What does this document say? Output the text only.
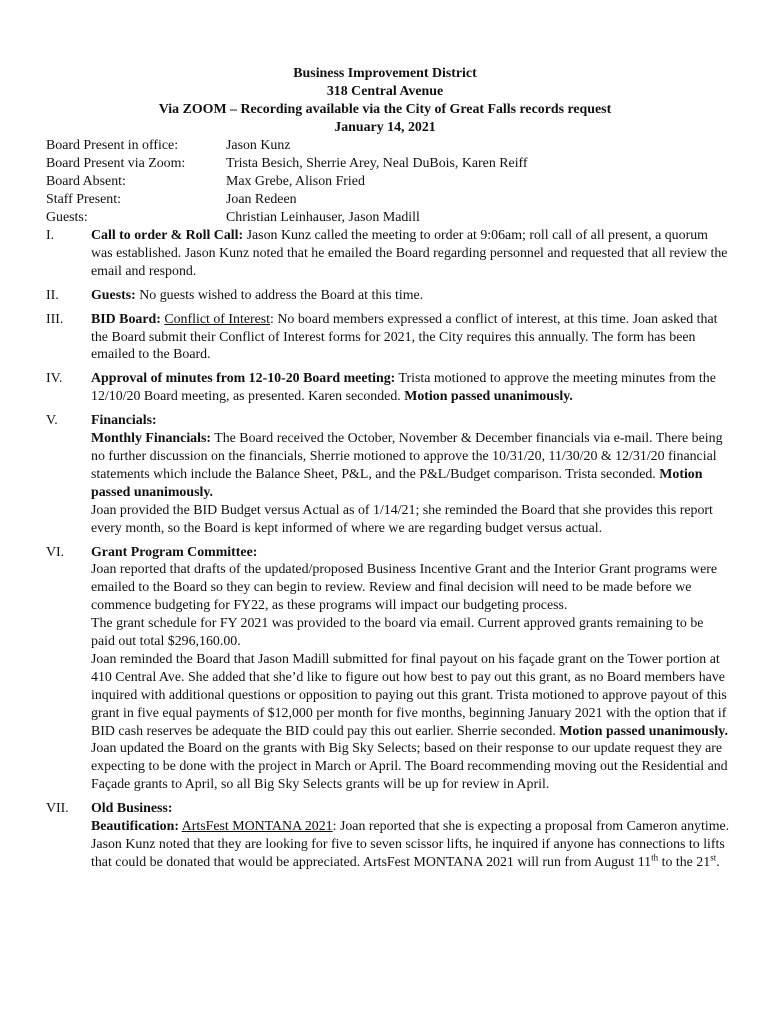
Business Improvement District
318 Central Avenue
Via ZOOM – Recording available via the City of Great Falls records request
January 14, 2021
Board Present in office:	Jason Kunz
Board Present via Zoom:	Trista Besich, Sherrie Arey, Neal DuBois, Karen Reiff
Board Absent:	Max Grebe, Alison Fried
Staff Present:	Joan Redeen
Guests:	Christian Leinhauser, Jason Madill
I.	Call to order & Roll Call: Jason Kunz called the meeting to order at 9:06am; roll call of all present, a quorum was established. Jason Kunz noted that he emailed the Board regarding personnel and requested that all review the email and respond.

II.	Guests: No guests wished to address the Board at this time.

III.	BID Board: Conflict of Interest: No board members expressed a conflict of interest, at this time. Joan asked that the Board submit their Conflict of Interest forms for 2021, the City requires this annually. The form has been emailed to the Board.

IV.	Approval of minutes from 12-10-20 Board meeting: Trista motioned to approve the meeting minutes from the 12/10/20 Board meeting, as presented. Karen seconded. Motion passed unanimously.

V.	Financials:

Monthly Financials: The Board received the October, November & December financials via e-mail. There being no further discussion on the financials, Sherrie motioned to approve the 10/31/20, 11/30/20 & 12/31/20 financial statements which include the Balance Sheet, P&L, and the P&L/Budget comparison. Trista seconded. Motion passed unanimously.

Joan provided the BID Budget versus Actual as of 1/14/21; she reminded the Board that she provides this report every month, so the Board is kept informed of where we are regarding budget versus actual.

VI.	Grant Program Committee:

Joan reported that drafts of the updated/proposed Business Incentive Grant and the Interior Grant programs were emailed to the Board so they can begin to review. Review and final decision will need to be made before we commence budgeting for FY22, as these programs will impact our budgeting process.

The grant schedule for FY 2021 was provided to the board via email. Current approved grants remaining to be paid out total $296,160.00.

Joan reminded the Board that Jason Madill submitted for final payout on his façade grant on the Tower portion at 410 Central Ave. She added that she’d like to figure out how best to pay out this grant, as no Board members have inquired with additional questions or opposition to paying out this grant. Trista motioned to approve payout of this grant in five equal payments of $12,000 per month for five months, beginning January 2021 with the option that if BID cash reserves be adequate the BID could pay this out earlier. Sherrie seconded. Motion passed unanimously.

Joan updated the Board on the grants with Big Sky Selects; based on their response to our update request they are expecting to be done with the project in March or April. The Board recommending moving out the Residential and Façade grants to April, so all Big Sky Selects grants will be up for review in April.

VII.	Old Business:

Beautification: ArtsFest MONTANA 2021: Joan reported that she is expecting a proposal from Cameron anytime. Jason Kunz noted that they are looking for five to seven scissor lifts, he inquired if anyone has connections to lifts that could be donated that would be appreciated. ArtsFest MONTANA 2021 will run from August 11th to the 21st.
